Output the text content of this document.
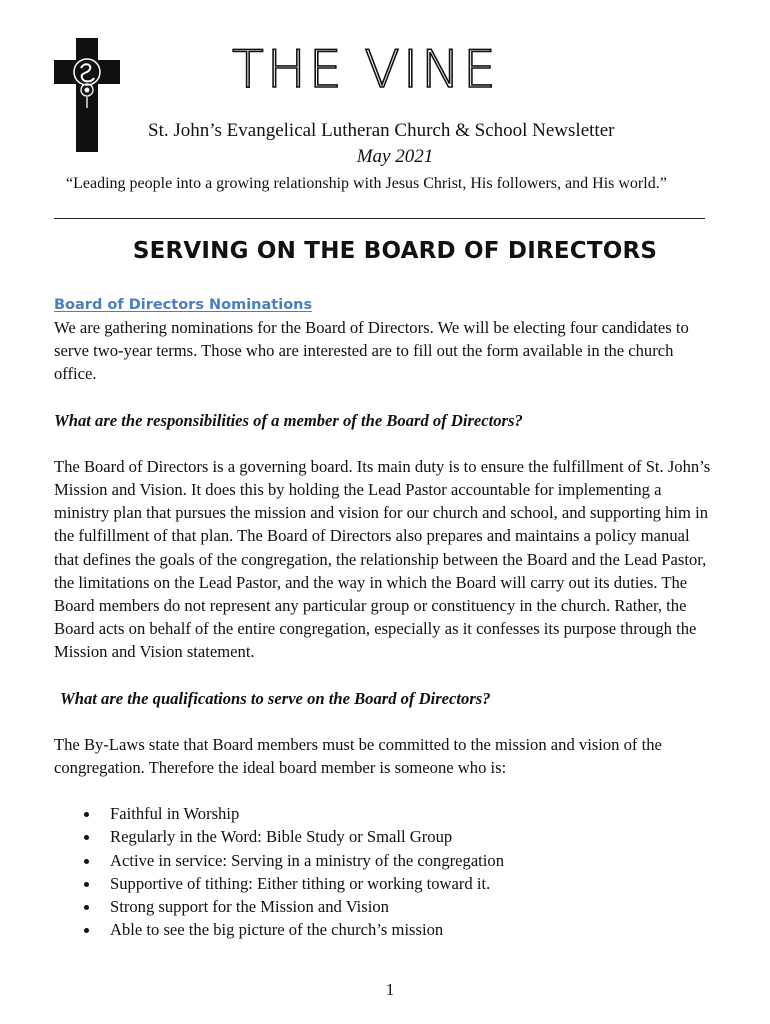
THE VINE
St. John’s Evangelical Lutheran Church & School Newsletter
May 2021
“Leading people into a growing relationship with Jesus Christ, His followers, and His world.”
SERVING ON THE BOARD OF DIRECTORS
Board of Directors Nominations

We are gathering nominations for the Board of Directors. We will be electing four candidates to serve two-year terms. Those who are interested are to fill out the form available in the church office.

What are the responsibilities of a member of the Board of Directors?

The Board of Directors is a governing board. Its main duty is to ensure the fulfillment of St. John’s Mission and Vision. It does this by holding the Lead Pastor accountable for implementing a ministry plan that pursues the mission and vision for our church and school, and supporting him in the fulfillment of that plan. The Board of Directors also prepares and maintains a policy manual that defines the goals of the congregation, the relationship between the Board and the Lead Pastor, the limitations on the Lead Pastor, and the way in which the Board will carry out its duties. The Board members do not represent any particular group or constituency in the church. Rather, the Board acts on behalf of the entire congregation, especially as it confesses its purpose through the Mission and Vision statement.

What are the qualifications to serve on the Board of Directors?

The By-Laws state that Board members must be committed to the mission and vision of the congregation. Therefore the ideal board member is someone who is:

Faithful in Worship
Regularly in the Word: Bible Study or Small Group
Active in service: Serving in a ministry of the congregation
Supportive of tithing: Either tithing or working toward it.
Strong support for the Mission and Vision
Able to see the big picture of the church’s mission
1
